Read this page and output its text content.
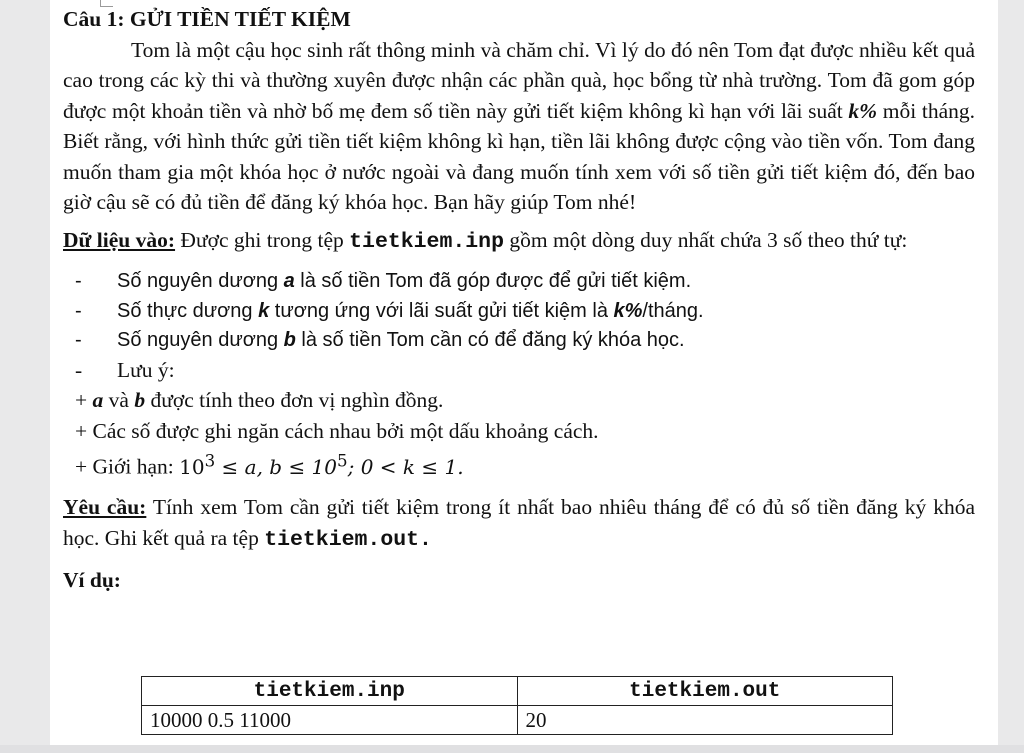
Câu 1: GỬI TIỀN TIẾT KIỆM

Tom là một cậu học sinh rất thông minh và chăm chỉ. Vì lý do đó nên Tom đạt được nhiều kết quả cao trong các kỳ thi và thường xuyên được nhận các phần quà, học bổng từ nhà trường. Tom đã gom góp được một khoản tiền và nhờ bố mẹ đem số tiền này gửi tiết kiệm không kì hạn với lãi suất k% mỗi tháng. Biết rằng, với hình thức gửi tiền tiết kiệm không kì hạn, tiền lãi không được cộng vào tiền vốn. Tom đang muốn tham gia một khóa học ở nước ngoài và đang muốn tính xem với số tiền gửi tiết kiệm đó, đến bao giờ cậu sẽ có đủ tiền để đăng ký khóa học. Bạn hãy giúp Tom nhé!

Dữ liệu vào: Được ghi trong tệp tietkiem.inp gồm một dòng duy nhất chứa 3 số theo thứ tự:

- Số nguyên dương a là số tiền Tom đã góp được để gửi tiết kiệm.

- Số thực dương k tương ứng với lãi suất gửi tiết kiệm là k%/tháng.

- Số nguyên dương b là số tiền Tom cần có để đăng ký khóa học.

- Lưu ý:

+ a và b được tính theo đơn vị nghìn đồng.

+ Các số được ghi ngăn cách nhau bởi một dấu khoảng cách.

+ Giới hạn: $10^3 \le a$, $b \le 10^5$; 0 < k ≤ 1.

Yêu cầu: Tính xem Tom cần gửi tiết kiệm trong ít nhất bao nhiêu tháng để có đủ số tiền đăng ký khóa học. Ghi kết quả ra tệp tietkiem.out.

Ví dụ:

tietkiem.inp	tietkiem.out
10000 0.5 11000	20
